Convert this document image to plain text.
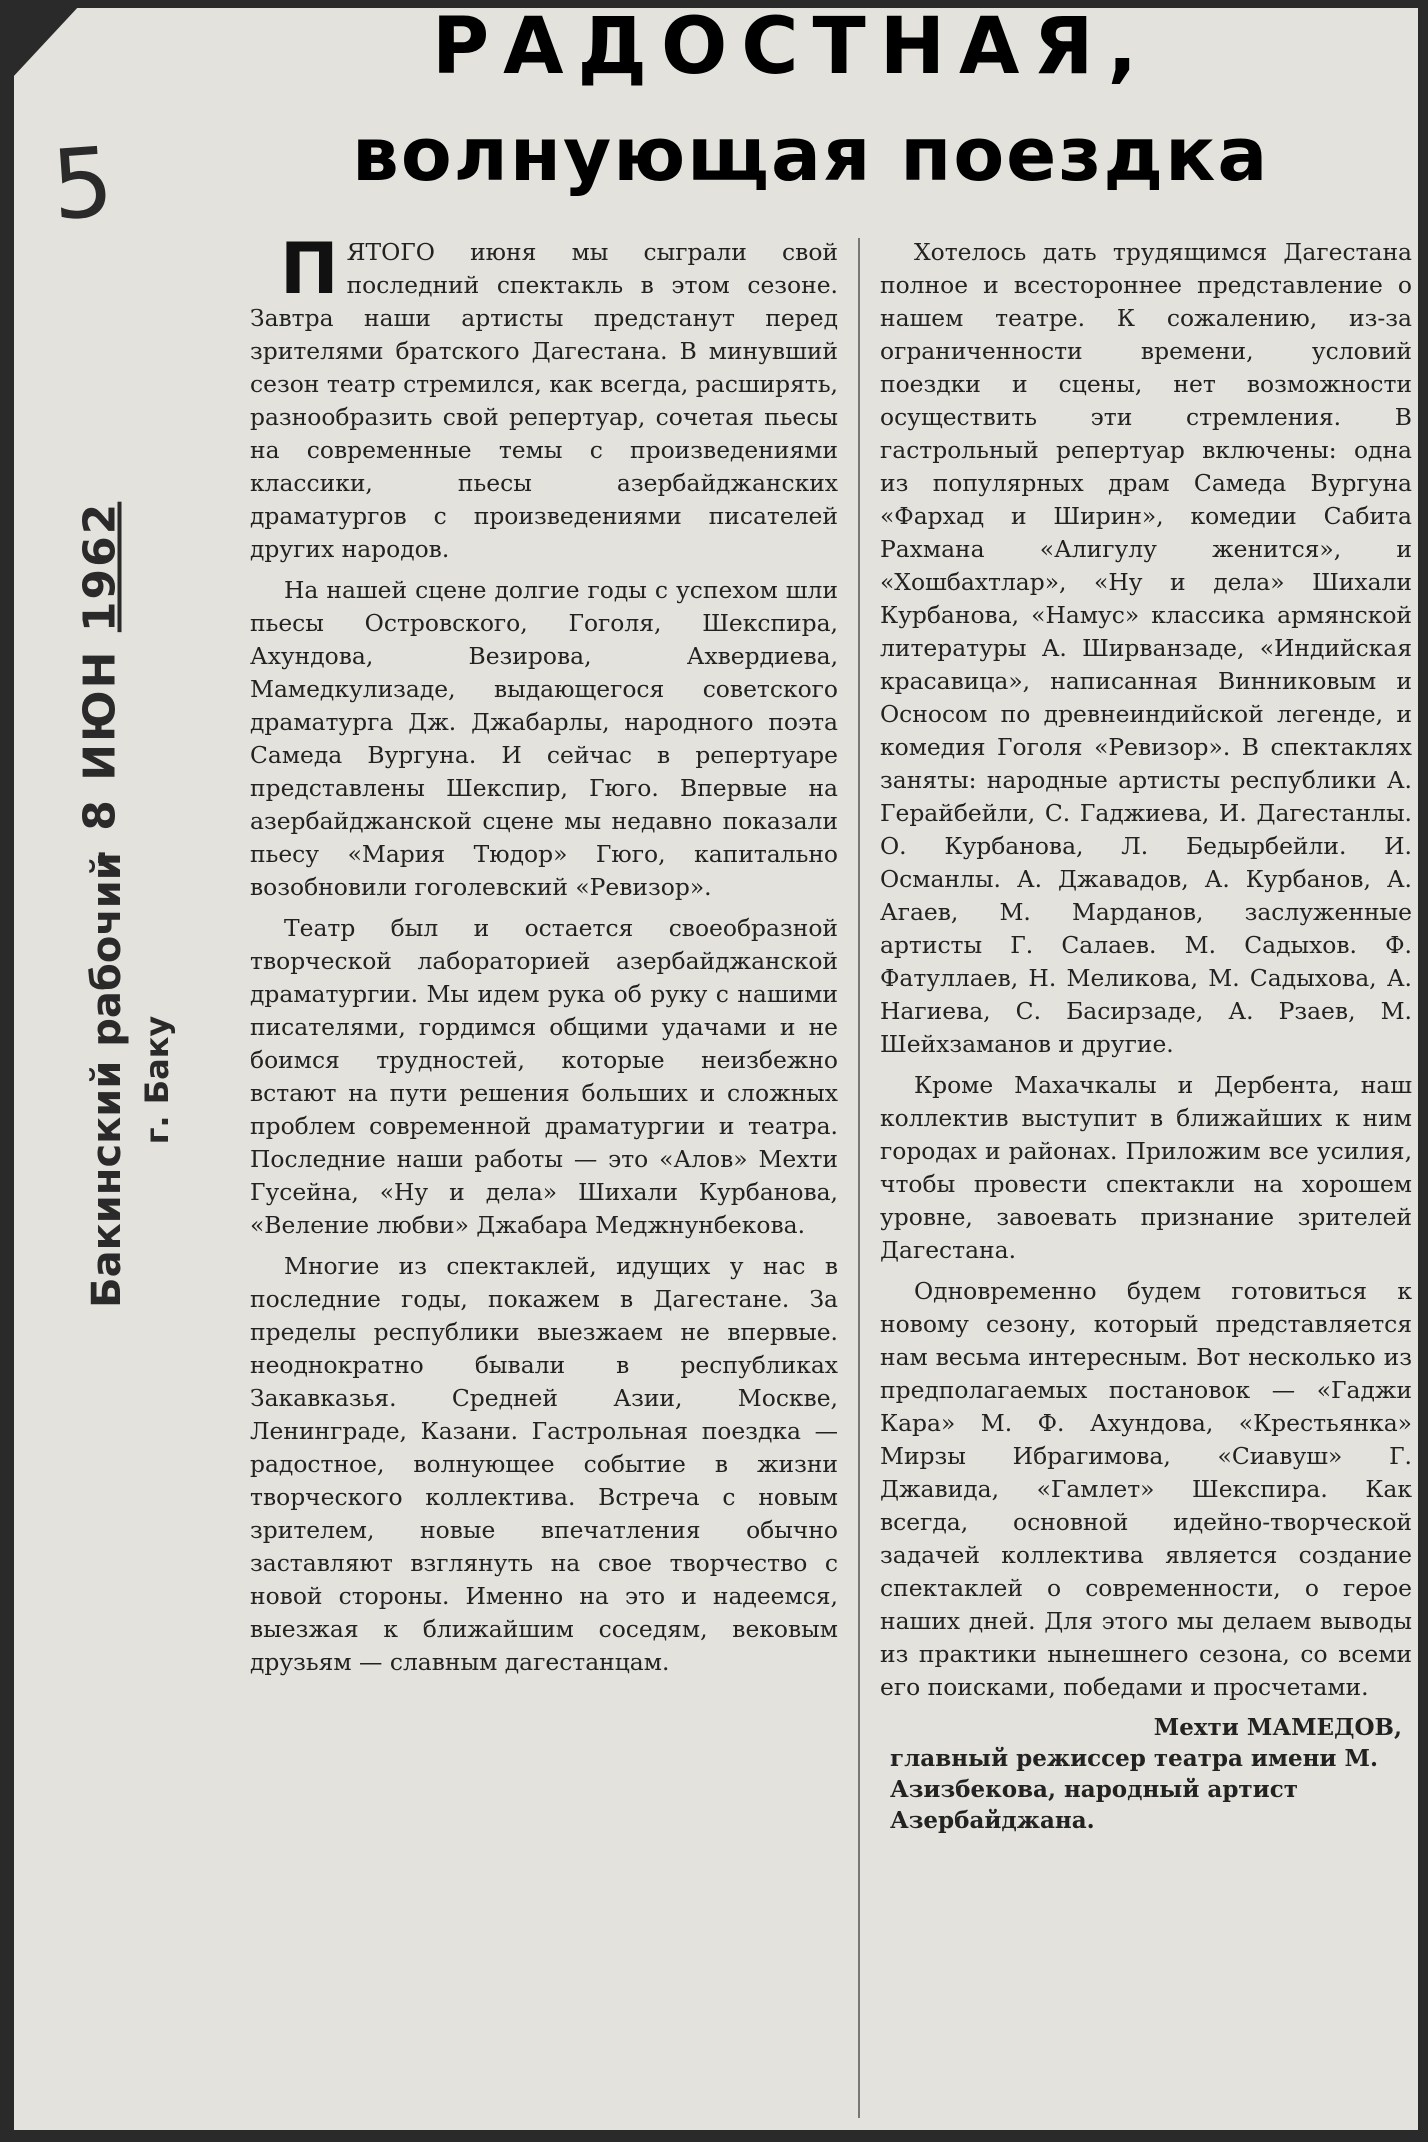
РАДОСТНАЯ,
волнующая поездка
5
- 8 ИЮН 1962
Бакинский рабочий г. Баку

ПЯТОГО июня мы сыграли свой последний спектакль в этом сезоне. Завтра наши артисты предстанут перед зрителями братского Дагестана. В минувший сезон театр стремился, как всегда, расширять, разнообразить свой репертуар, сочетая пьесы на современные темы с произведениями классики, пьесы азербайджанских драматургов с произведениями писателей других народов.

На нашей сцене долгие годы с успехом шли пьесы Островского, Гоголя, Шекспира, Ахундова, Везирова, Ахвердиева, Мамедкулизаде, выдающегося советского драматурга Дж. Джабарлы, народного поэта Самеда Вургуна. И сейчас в репертуаре представлены Шекспир, Гюго. Впервые на азербайджанской сцене мы недавно показали пьесу «Мария Тюдор» Гюго, капитально возобновили гоголевский «Ревизор».

Театр был и остается своеобразной творческой лабораторией азербайджанской драматургии. Мы идем рука об руку с нашими писателями, гордимся общими удачами и не боимся трудностей, которые неизбежно встают на пути решения больших и сложных проблем современной драматургии и театра. Последние наши работы — это «Алов» Мехти Гусейна, «Ну и дела» Шихали Курбанова, «Веление любви» Джабара Меджнунбекова.

Многие из спектаклей, идущих у нас в последние годы, покажем в Дагестане. За пределы республики выезжаем не впервые. неоднократно бывали в республиках Закавказья. Средней Азии, Москве, Ленинграде, Казани. Гастрольная поездка — радостное, волнующее событие в жизни творческого коллектива. Встреча с новым зрителем, новые впечатления обычно заставляют взглянуть на свое творчество с новой стороны. Именно на это и надеемся, выезжая к ближайшим соседям, вековым друзьям — славным дагестанцам.

Хотелось дать трудящимся Дагестана полное и всестороннее представление о нашем театре. К сожалению, из-за ограниченности времени, условий поездки и сцены, нет возможности осуществить эти стремления. В гастрольный репертуар включены: одна из популярных драм Самеда Вургуна «Фархад и Ширин», комедии Сабита Рахмана «Алигулу женится», и «Хошбахтлар», «Ну и дела» Шихали Курбанова, «Намус» классика армянской литературы А. Ширванзаде, «Индийская красавица», написанная Винниковым и Осносом по древнеиндийской легенде, и комедия Гоголя «Ревизор». В спектаклях заняты: народные артисты республики А. Герайбейли, С. Гаджиева, И. Дагестанлы. О. Курбанова, Л. Бедырбейли. И. Османлы. А. Джавадов, А. Курбанов, А. Агаев, М. Марданов, заслуженные артисты Г. Салаев. М. Садыхов. Ф. Фатуллаев, Н. Меликова, М. Садыхова, А. Нагиева, С. Басирзаде, А. Рзаев, М. Шейхзаманов и другие.

Кроме Махачкалы и Дербента, наш коллектив выступит в ближайших к ним городах и районах. Приложим все усилия, чтобы провести спектакли на хорошем уровне, завоевать признание зрителей Дагестана.

Одновременно будем готовиться к новому сезону, который представляется нам весьма интересным. Вот несколько из предполагаемых постановок — «Гаджи Кара» М. Ф. Ахундова, «Крестьянка» Мирзы Ибрагимова, «Сиавуш» Г. Джавида, «Гамлет» Шекспира. Как всегда, основной идейно-творческой задачей коллектива является создание спектаклей о современности, о герое наших дней. Для этого мы делаем выводы из практики нынешнего сезона, со всеми его поисками, победами и просчетами.

Мехти МАМЕДОВ,
главный режиссер театра имени М. Азизбекова, народный артист Азербайджана.
